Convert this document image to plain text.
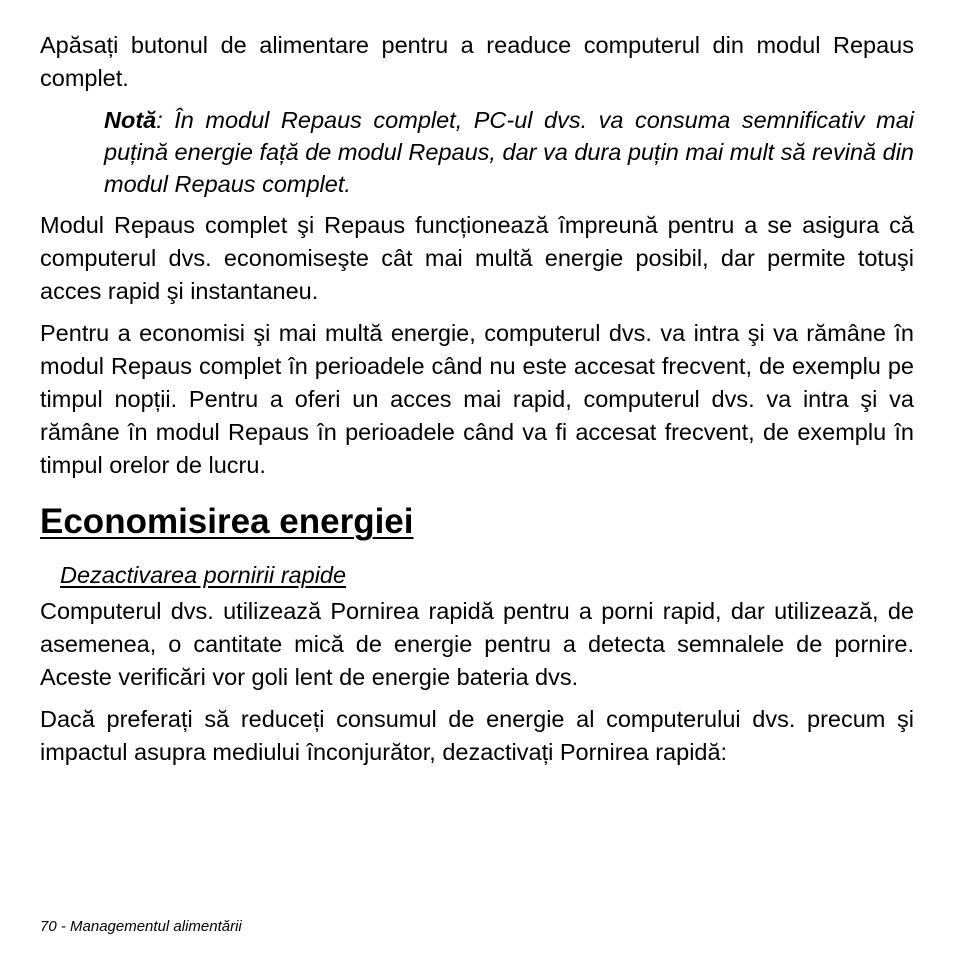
Apăsați butonul de alimentare pentru a readuce computerul din modul Repaus complet.

Notă: În modul Repaus complet, PC-ul dvs. va consuma semnificativ mai puțină energie față de modul Repaus, dar va dura puțin mai mult să revină din modul Repaus complet.

Modul Repaus complet şi Repaus funcționează împreună pentru a se asigura că computerul dvs. economiseşte cât mai multă energie posibil, dar permite totuşi acces rapid şi instantaneu.

Pentru a economisi şi mai multă energie, computerul dvs. va intra şi va rămâne în modul Repaus complet în perioadele când nu este accesat frecvent, de exemplu pe timpul nopții. Pentru a oferi un acces mai rapid, computerul dvs. va intra şi va rămâne în modul Repaus în perioadele când va fi accesat frecvent, de exemplu în timpul orelor de lucru.

Economisirea energiei
Dezactivarea pornirii rapide

Computerul dvs. utilizează Pornirea rapidă pentru a porni rapid, dar utilizează, de asemenea, o cantitate mică de energie pentru a detecta semnalele de pornire. Aceste verificări vor goli lent de energie bateria dvs.

Dacă preferați să reduceți consumul de energie al computerului dvs. precum şi impactul asupra mediului înconjurător, dezactivați Pornirea rapidă:

70 - Managementul alimentării
